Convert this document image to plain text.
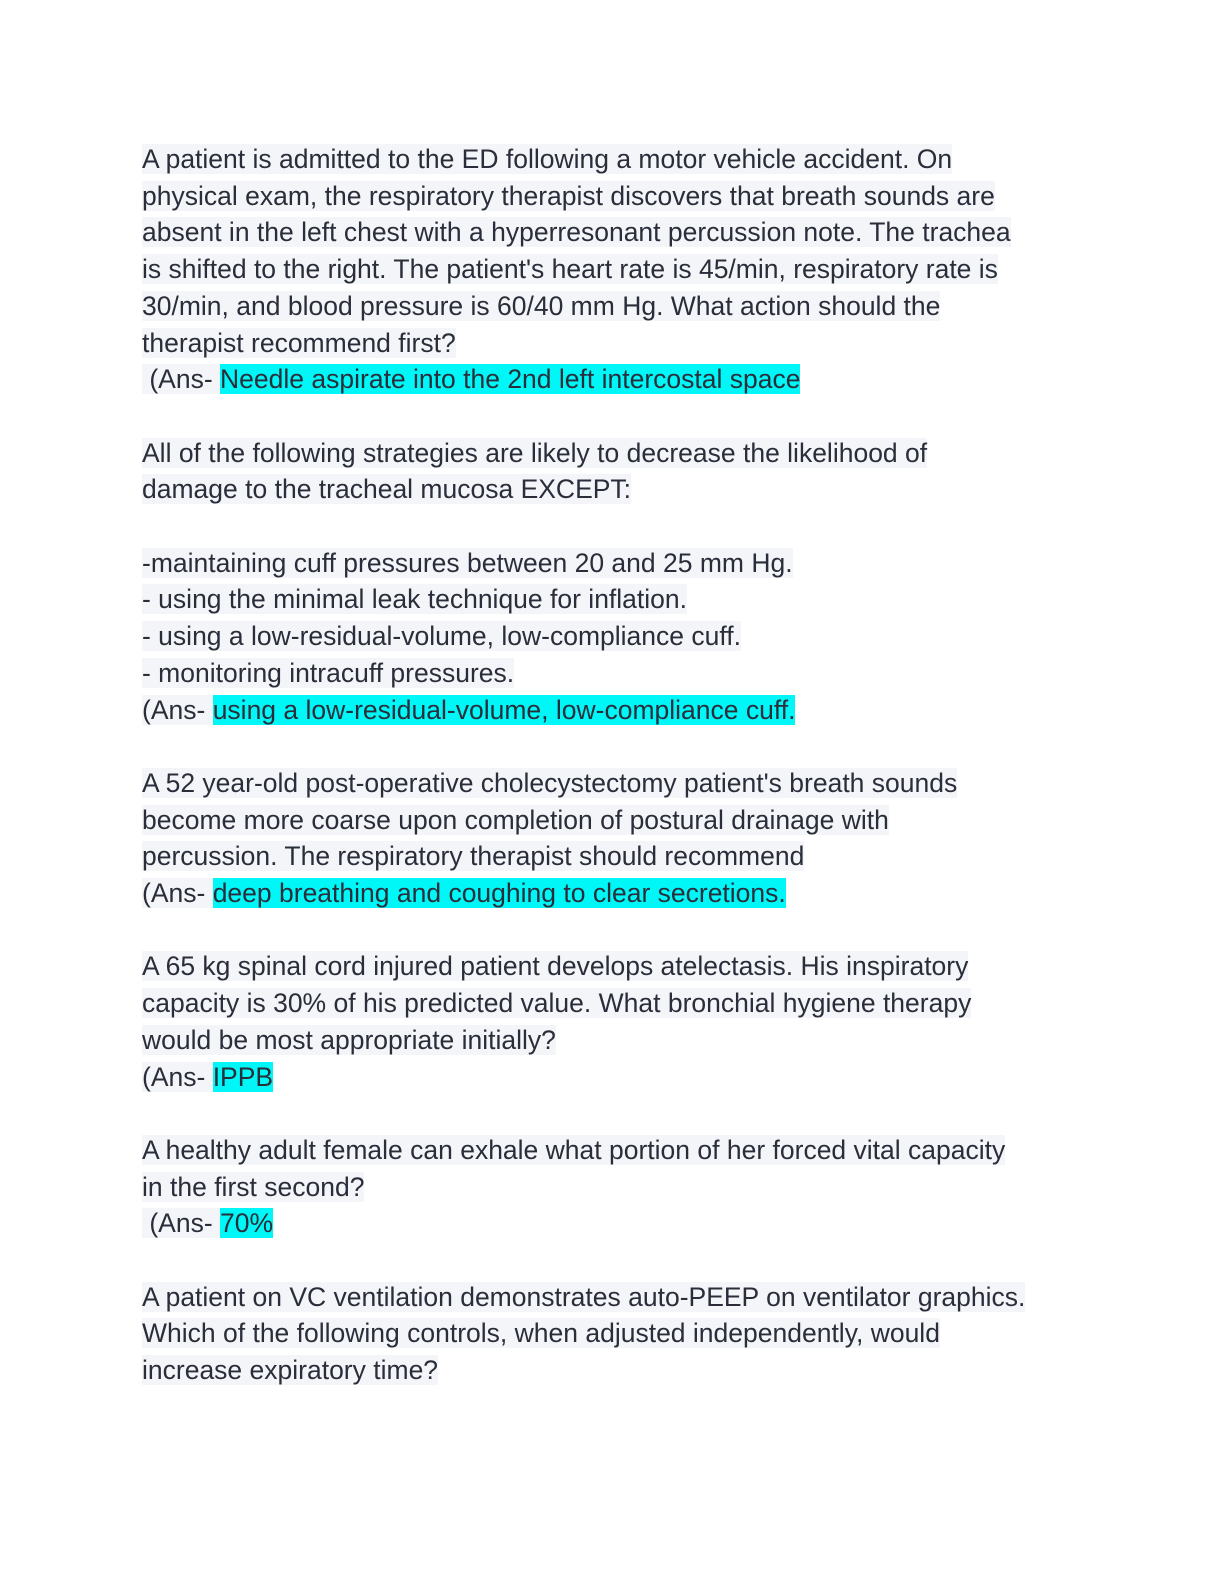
A patient is admitted to the ED following a motor vehicle accident. On
physical exam, the respiratory therapist discovers that breath sounds are
absent in the left chest with a hyperresonant percussion note. The trachea
is shifted to the right. The patient's heart rate is 45/min, respiratory rate is
30/min, and blood pressure is 60/40 mm Hg. What action should the
therapist recommend first?
(Ans- Needle aspirate into the 2nd left intercostal space
All of the following strategies are likely to decrease the likelihood of
damage to the tracheal mucosa EXCEPT:
-maintaining cuff pressures between 20 and 25 mm Hg.
- using the minimal leak technique for inflation.
- using a low-residual-volume, low-compliance cuff.
- monitoring intracuff pressures.
(Ans- using a low-residual-volume, low-compliance cuff.
A 52 year-old post-operative cholecystectomy patient's breath sounds
become more coarse upon completion of postural drainage with
percussion. The respiratory therapist should recommend
(Ans- deep breathing and coughing to clear secretions.
A 65 kg spinal cord injured patient develops atelectasis. His inspiratory
capacity is 30% of his predicted value. What bronchial hygiene therapy
would be most appropriate initially?
(Ans- IPPB
A healthy adult female can exhale what portion of her forced vital capacity
in the first second?
(Ans- 70%
A patient on VC ventilation demonstrates auto-PEEP on ventilator graphics.
Which of the following controls, when adjusted independently, would
increase expiratory time?
